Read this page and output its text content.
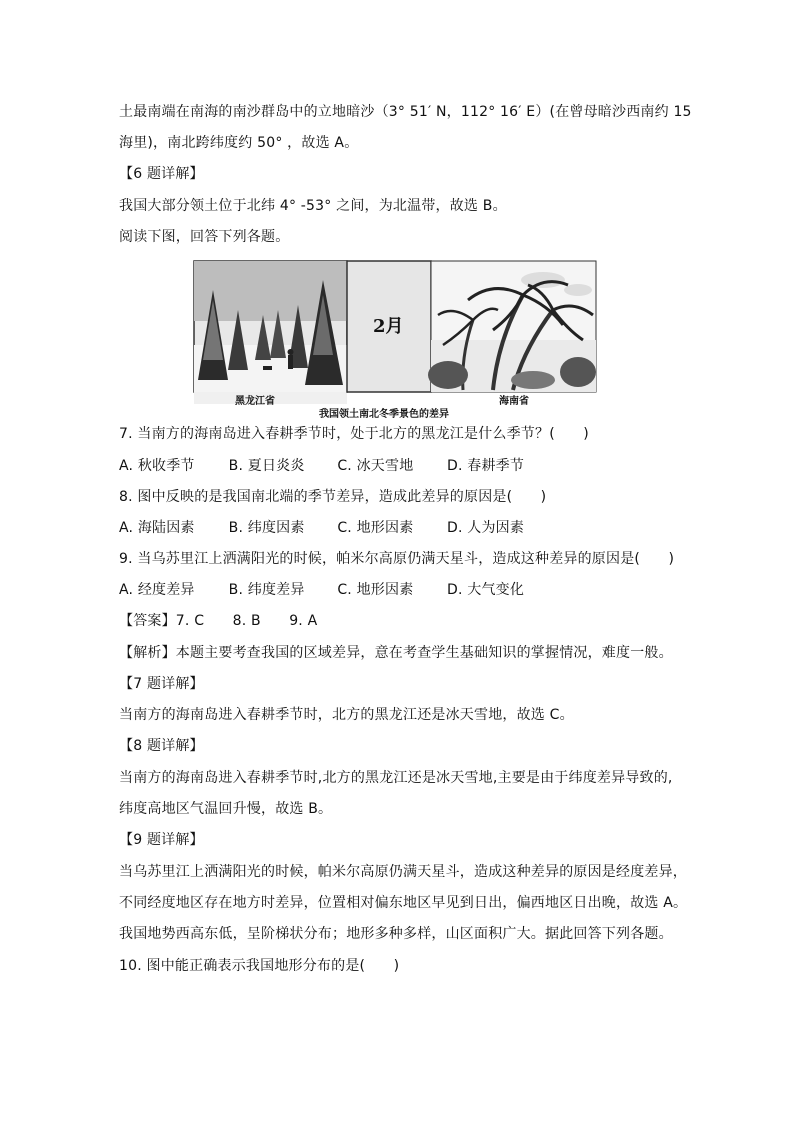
土最南端在南海的南沙群岛中的立地暗沙（3° 51′ N，112° 16′ E）(在曾母暗沙西南约 15
海里)，南北跨纬度约 50° ，故选 A。
【6 题详解】
我国大部分领土位于北纬 4° -53° 之间，为北温带，故选 B。
阅读下图，回答下列各题。
2月
黑龙江省	海南省
我国领土南北冬季景色的差异
7. 当南方的海南岛进入春耕季节时，处于北方的黑龙江是什么季节？(　　)
A. 秋收季节 B. 夏日炎炎 C. 冰天雪地 D. 春耕季节
8. 图中反映的是我国南北端的季节差异，造成此差异的原因是(　　)
A. 海陆因素 B. 纬度因素 C. 地形因素 D. 人为因素
9. 当乌苏里江上洒满阳光的时候，帕米尔高原仍满天星斗，造成这种差异的原因是(　　)
A. 经度差异 B. 纬度差异 C. 地形因素 D. 大气变化
【答案】7. C　　8. B　　9. A
【解析】本题主要考查我国的区域差异，意在考查学生基础知识的掌握情况，难度一般。
【7 题详解】
当南方的海南岛进入春耕季节时，北方的黑龙江还是冰天雪地，故选 C。
【8 题详解】
当南方的海南岛进入春耕季节时,北方的黑龙江还是冰天雪地,主要是由于纬度差异导致的,
纬度高地区气温回升慢，故选 B。
【9 题详解】
当乌苏里江上洒满阳光的时候，帕米尔高原仍满天星斗，造成这种差异的原因是经度差异，
不同经度地区存在地方时差异，位置相对偏东地区早见到日出，偏西地区日出晚，故选 A。
我国地势西高东低，呈阶梯状分布；地形多种多样，山区面积广大。据此回答下列各题。
10. 图中能正确表示我国地形分布的是(　　)
